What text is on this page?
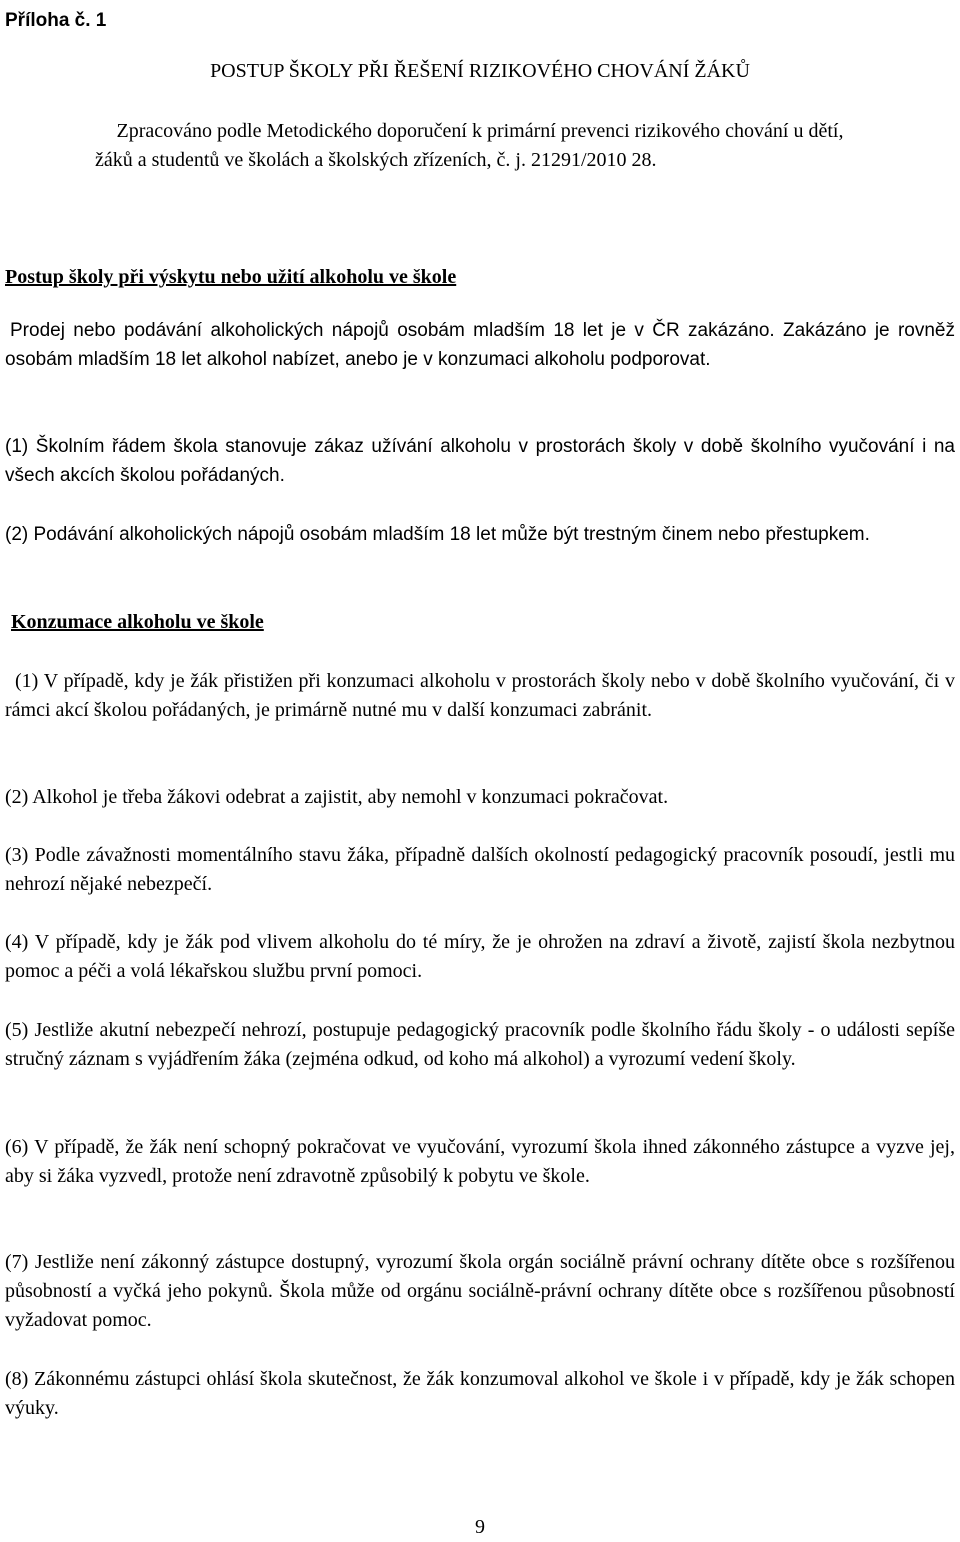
Příloha č. 1

POSTUP ŠKOLY PŘI ŘEŠENÍ RIZIKOVÉHO CHOVÁNÍ ŽÁKŮ

Zpracováno podle Metodického doporučení k primární prevenci rizikového chování u dětí,

žáků a studentů ve školách a školských zřízeních, č. j. 21291/2010 28.

Postup školy při výskytu nebo užití alkoholu ve škole

Prodej nebo podávání alkoholických nápojů osobám mladším 18 let je v ČR zakázáno. Zakázáno je rovněž osobám mladším 18 let alkohol nabízet, anebo je v konzumaci alkoholu podporovat.

(1) Školním řádem škola stanovuje zákaz užívání alkoholu v prostorách školy v době školního vyučování i na všech akcích školou pořádaných.

(2) Podávání alkoholických nápojů osobám mladším 18 let může být trestným činem nebo přestupkem.

Konzumace alkoholu ve škole

(1) V případě, kdy je žák přistižen při konzumaci alkoholu v prostorách školy nebo v době školního vyučování, či v rámci akcí školou pořádaných, je primárně nutné mu v další konzumaci zabránit.

(2) Alkohol je třeba žákovi odebrat a zajistit, aby nemohl v konzumaci pokračovat.

(3) Podle závažnosti momentálního stavu žáka, případně dalších okolností pedagogický pracovník posoudí, jestli mu nehrozí nějaké nebezpečí.

(4) V případě, kdy je žák pod vlivem alkoholu do té míry, že je ohrožen na zdraví a životě, zajistí škola nezbytnou pomoc a péči a volá lékařskou službu první pomoci.

(5) Jestliže akutní nebezpečí nehrozí, postupuje pedagogický pracovník podle školního řádu školy - o události sepíše stručný záznam s vyjádřením žáka (zejména odkud, od koho má alkohol) a vyrozumí vedení školy.

(6) V případě, že žák není schopný pokračovat ve vyučování, vyrozumí škola ihned zákonného zástupce a vyzve jej, aby si žáka vyzvedl, protože není zdravotně způsobilý k pobytu ve škole.

(7) Jestliže není zákonný zástupce dostupný, vyrozumí škola orgán sociálně právní ochrany dítěte obce s rozšířenou působností a vyčká jeho pokynů. Škola může od orgánu sociálně-právní ochrany dítěte obce s rozšířenou působností vyžadovat pomoc.

(8) Zákonnému zástupci ohlásí škola skutečnost, že žák konzumoval alkohol ve škole i v případě, kdy je žák schopen výuky.

9
